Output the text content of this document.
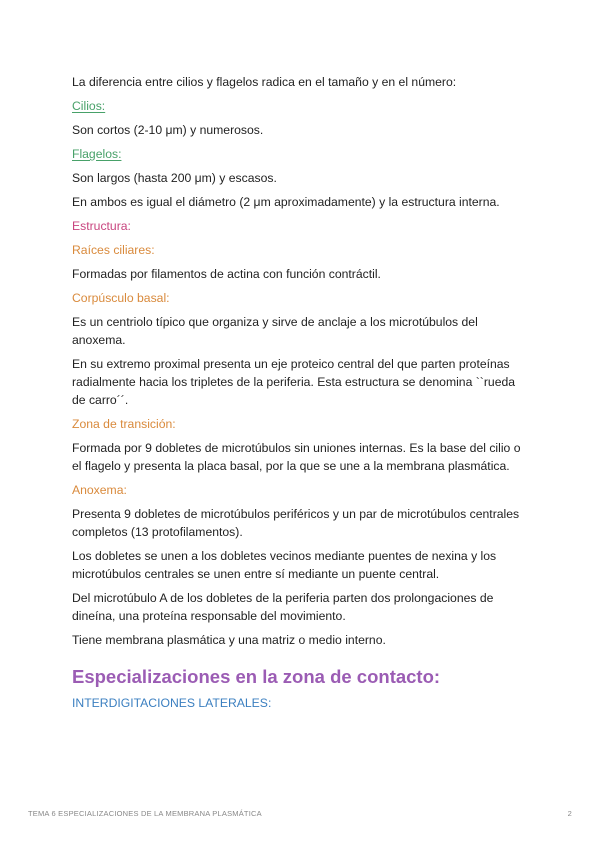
La diferencia entre cilios y flagelos radica en el tamaño y en el número:

Cilios:

Son cortos (2-10 μm) y numerosos.

Flagelos:

Son largos (hasta 200 μm) y escasos.

En ambos es igual el diámetro (2 μm aproximadamente) y la estructura interna.

Estructura:

Raíces ciliares:

Formadas por filamentos de actina con función contráctil.

Corpúsculo basal:

Es un centriolo típico que organiza y sirve de anclaje a los microtúbulos del anoxema.

En su extremo proximal presenta un eje proteico central del que parten proteínas radialmente hacia los tripletes de la periferia. Esta estructura se denomina ``rueda de carro´´.

Zona de transición:

Formada por 9 dobletes de microtúbulos sin uniones internas. Es la base del cilio o el flagelo y presenta la placa basal, por la que se une a la membrana plasmática.

Anoxema:

Presenta 9 dobletes de microtúbulos periféricos y un par de microtúbulos centrales completos (13 protofilamentos).

Los dobletes se unen a los dobletes vecinos mediante puentes de nexina y los microtúbulos centrales se unen entre sí mediante un puente central.

Del microtúbulo A de los dobletes de la periferia parten dos prolongaciones de dineína, una proteína responsable del movimiento.

Tiene membrana plasmática y una matriz o medio interno.

Especializaciones en la zona de contacto:

INTERDIGITACIONES LATERALES:

TEMA 6 ESPECIALIZACIONES DE LA MEMBRANA PLASMÁTICA	2
